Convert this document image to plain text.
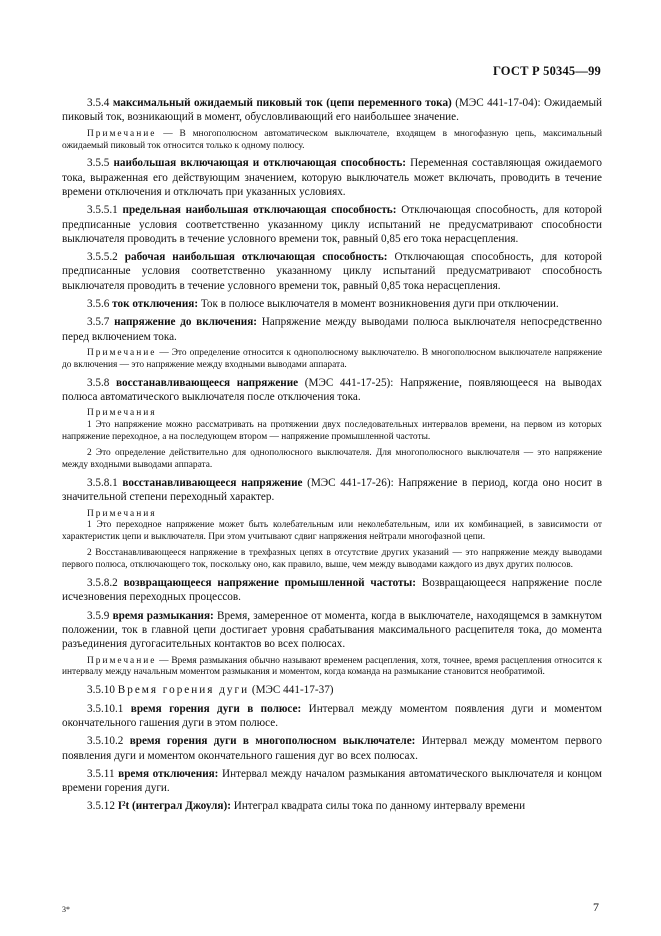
ГОСТ Р 50345—99

3.5.4 максимальный ожидаемый пиковый ток (цепи переменного тока) (МЭС 441-17-04): Ожидаемый пиковый ток, возникающий в момент, обусловливающий его наибольшее значение.

Примечание — В многополюсном автоматическом выключателе, входящем в многофазную цепь, максимальный ожидаемый пиковый ток относится только к одному полюсу.

3.5.5 наибольшая включающая и отключающая способность: Переменная составляющая ожидаемого тока, выраженная его действующим значением, которую выключатель может включать, проводить в течение времени отключения и отключать при указанных условиях.

3.5.5.1 предельная наибольшая отключающая способность: Отключающая способность, для которой предписанные условия соответственно указанному циклу испытаний не предусматривают способности выключателя проводить в течение условного времени ток, равный 0,85 его тока нерасцепления.

3.5.5.2 рабочая наибольшая отключающая способность: Отключающая способность, для которой предписанные условия соответственно указанному циклу испытаний предусматривают способность выключателя проводить в течение условного времени ток, равный 0,85 тока нерасцепления.

3.5.6 ток отключения: Ток в полюсе выключателя в момент возникновения дуги при отключении.

3.5.7 напряжение до включения: Напряжение между выводами полюса выключателя непосредственно перед включением тока.

Примечание — Это определение относится к однополюсному выключателю. В многополюсном выключателе напряжение до включения — это напряжение между входными выводами аппарата.

3.5.8 восстанавливающееся напряжение (МЭС 441-17-25): Напряжение, появляющееся на выводах полюса автоматического выключателя после отключения тока.

Примечания

1 Это напряжение можно рассматривать на протяжении двух последовательных интервалов времени, на первом из которых напряжение переходное, а на последующем втором — напряжение промышленной частоты.

2 Это определение действительно для однополюсного выключателя. Для многополюсного выключателя — это напряжение между входными выводами аппарата.

3.5.8.1 восстанавливающееся напряжение (МЭС 441-17-26): Напряжение в период, когда оно носит в значительной степени переходный характер.

Примечания

1 Это переходное напряжение может быть колебательным или неколебательным, или их комбинацией, в зависимости от характеристик цепи и выключателя. При этом учитывают сдвиг напряжения нейтрали многофазной цепи.

2 Восстанавливающееся напряжение в трехфазных цепях в отсутствие других указаний — это напряжение между выводами первого полюса, отключающего ток, поскольку оно, как правило, выше, чем между выводами каждого из двух других полюсов.

3.5.8.2 возвращающееся напряжение промышленной частоты: Возвращающееся напряжение после исчезновения переходных процессов.

3.5.9 время размыкания: Время, замеренное от момента, когда в выключателе, находящемся в замкнутом положении, ток в главной цепи достигает уровня срабатывания максимального расцепителя тока, до момента разъединения дугогасительных контактов во всех полюсах.

Примечание — Время размыкания обычно называют временем расцепления, хотя, точнее, время расцепления относится к интервалу между начальным моментом размыкания и моментом, когда команда на размыкание становится необратимой.

3.5.10 Время горения дуги (МЭС 441-17-37)

3.5.10.1 время горения дуги в полюсе: Интервал между моментом появления дуги и моментом окончательного гашения дуги в этом полюсе.

3.5.10.2 время горения дуги в многополюсном выключателе: Интервал между моментом первого появления дуги и моментом окончательного гашения дуг во всех полюсах.

3.5.11 время отключения: Интервал между началом размыкания автоматического выключателя и концом времени горения дуги.

3.5.12 I²t (интеграл Джоуля): Интеграл квадрата силы тока по данному интервалу времени

3*	7
